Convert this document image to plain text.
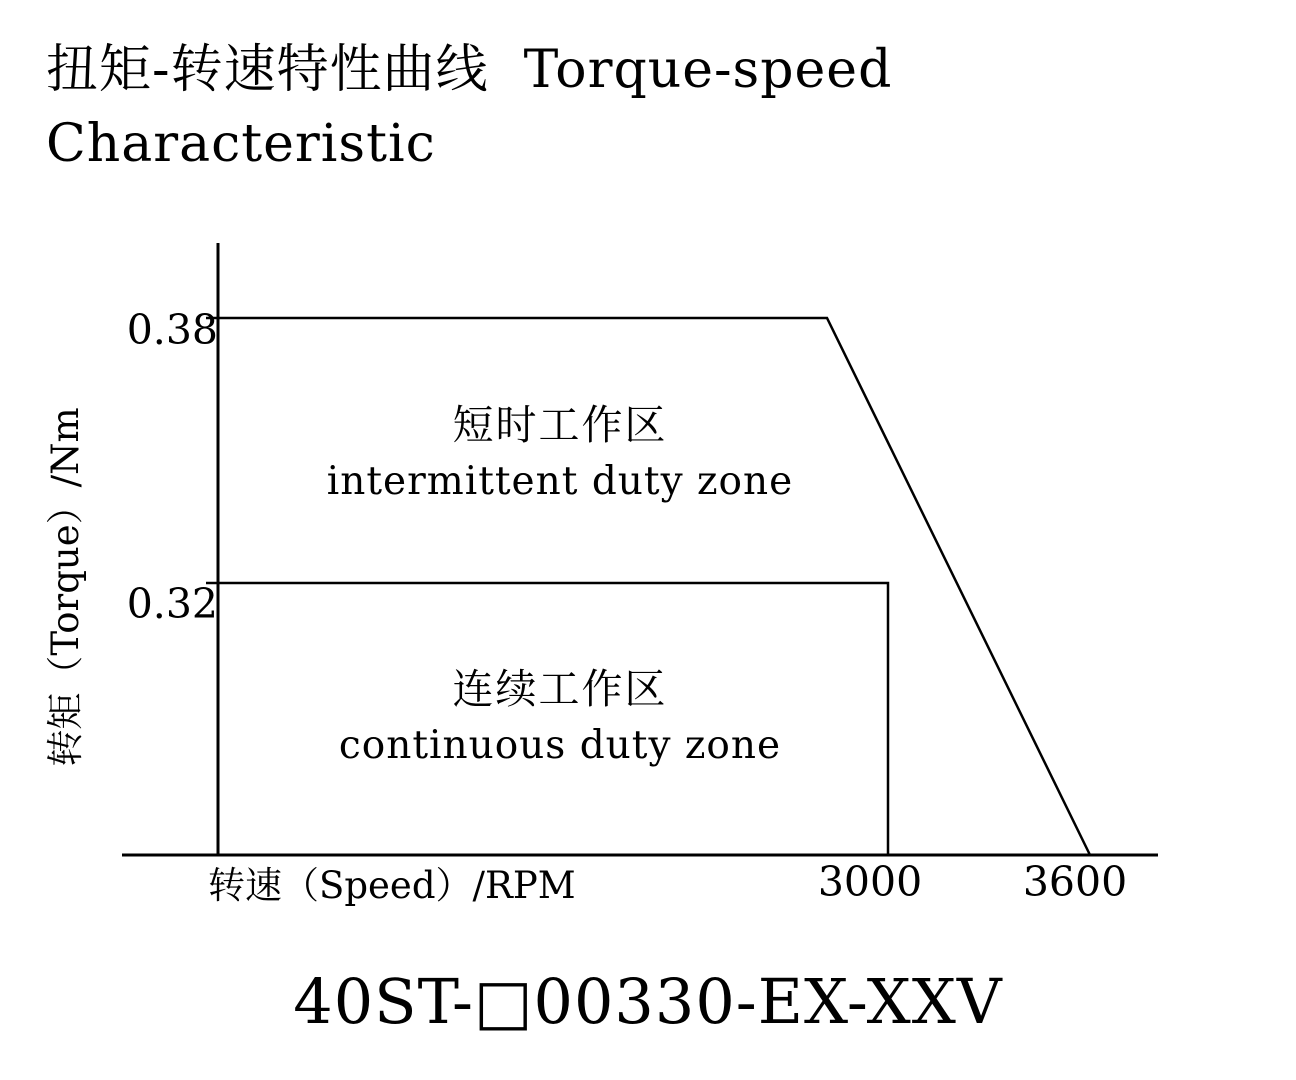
扭矩-转速特性曲线  Torque-speed Characteristic
转矩（Torque）/Nm
转速（Speed）/RPM
0.38
0.32
3000	3600
短时工作区
intermittent duty zone
连续工作区
continuous duty zone
40ST-□00330-EX-XXV
